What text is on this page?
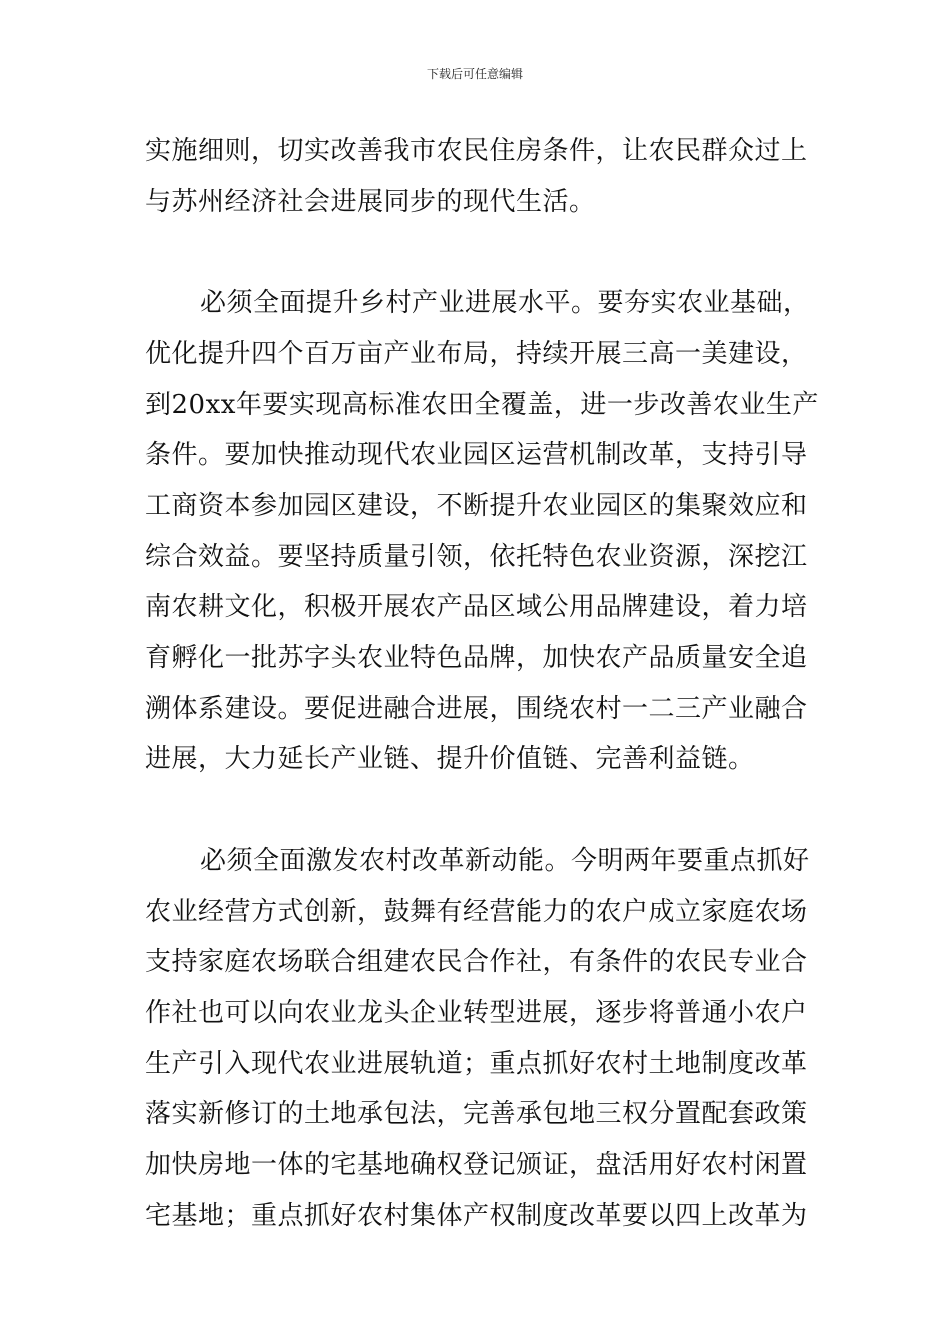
下载后可任意编辑

实施细则，切实改善我市农民住房条件，让农民群众过上
与苏州经济社会进展同步的现代生活。

必须全面提升乡村产业进展水平。要夯实农业基础，
优化提升四个百万亩产业布局，持续开展三高一美建设，
到20xx年要实现高标准农田全覆盖，进一步改善农业生产
条件。要加快推动现代农业园区运营机制改革，支持引导
工商资本参加园区建设，不断提升农业园区的集聚效应和
综合效益。要坚持质量引领，依托特色农业资源，深挖江
南农耕文化，积极开展农产品区域公用品牌建设，着力培
育孵化一批苏字头农业特色品牌，加快农产品质量安全追
溯体系建设。要促进融合进展，围绕农村一二三产业融合
进展，大力延长产业链、提升价值链、完善利益链。

必须全面激发农村改革新动能。今明两年要重点抓好
农业经营方式创新，鼓舞有经营能力的农户成立家庭农场
支持家庭农场联合组建农民合作社，有条件的农民专业合
作社也可以向农业龙头企业转型进展，逐步将普通小农户
生产引入现代农业进展轨道；重点抓好农村土地制度改革
落实新修订的土地承包法，完善承包地三权分置配套政策
加快房地一体的宅基地确权登记颁证，盘活用好农村闲置
宅基地；重点抓好农村集体产权制度改革要以四上改革为
